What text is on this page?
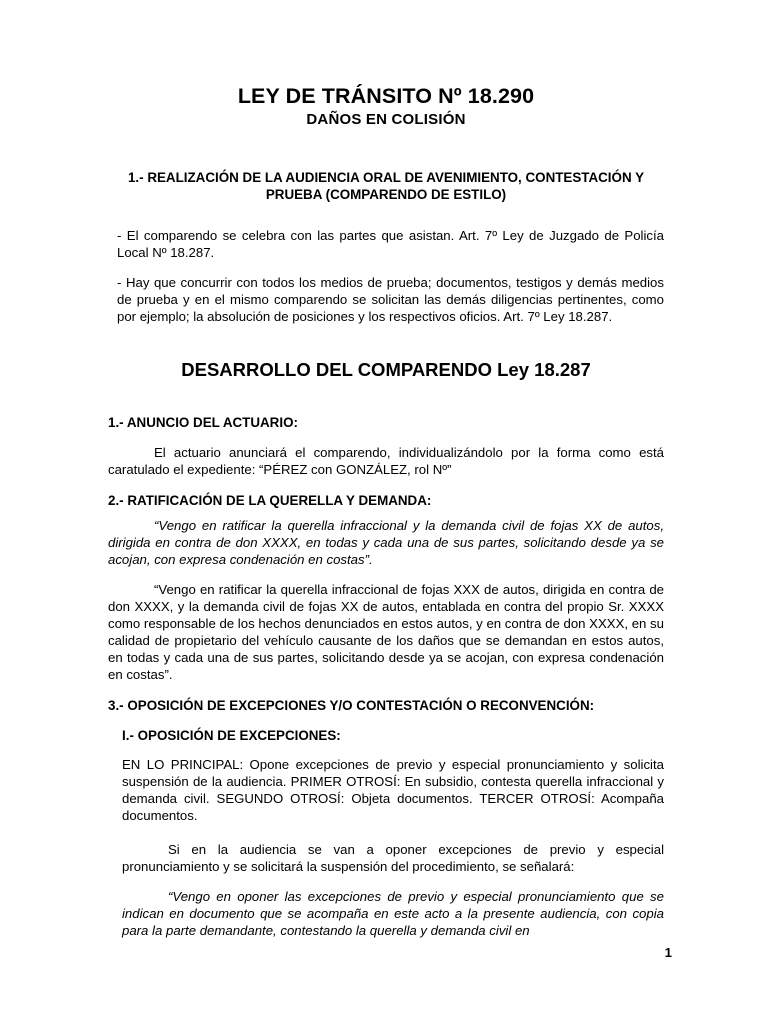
LEY DE TRÁNSITO Nº 18.290
DAÑOS EN COLISIÓN

1.- REALIZACIÓN DE LA AUDIENCIA ORAL DE AVENIMIENTO, CONTESTACIÓN Y PRUEBA (COMPARENDO DE ESTILO)

- El comparendo se celebra con las partes que asistan. Art. 7º Ley de Juzgado de Policía Local Nº 18.287.

- Hay que concurrir con todos los medios de prueba; documentos, testigos y demás medios de prueba y en el mismo comparendo se solicitan las demás diligencias pertinentes, como por ejemplo; la absolución de posiciones y los respectivos oficios. Art. 7º Ley 18.287.

DESARROLLO DEL COMPARENDO Ley 18.287

1.- ANUNCIO DEL ACTUARIO:

El actuario anunciará el comparendo, individualizándolo por la forma como está caratulado el expediente: “PÉREZ con GONZÁLEZ, rol Nº”

2.- RATIFICACIÓN DE LA QUERELLA Y DEMANDA:

“Vengo en ratificar la querella infraccional y la demanda civil de fojas XX de autos, dirigida en contra de don XXXX, en todas y cada una de sus partes, solicitando desde ya se acojan, con expresa condenación en costas”.

“Vengo en ratificar la querella infraccional de fojas XXX de autos, dirigida en contra de don XXXX, y la demanda civil de fojas XX de autos, entablada en contra del propio Sr. XXXX como responsable de los hechos denunciados en estos autos, y en contra de don XXXX, en su calidad de propietario del vehículo causante de los daños que se demandan en estos autos, en todas y cada una de sus partes, solicitando desde ya se acojan, con expresa condenación en costas”.

3.- OPOSICIÓN DE EXCEPCIONES Y/O CONTESTACIÓN O RECONVENCIÓN:

I.- OPOSICIÓN DE EXCEPCIONES:

EN LO PRINCIPAL: Opone excepciones de previo y especial pronunciamiento y solicita suspensión de la audiencia. PRIMER OTROSÍ: En subsidio, contesta querella infraccional y demanda civil. SEGUNDO OTROSÍ: Objeta documentos. TERCER OTROSÍ: Acompaña documentos.

Si en la audiencia se van a oponer excepciones de previo y especial pronunciamiento y se solicitará la suspensión del procedimiento, se señalará:

“Vengo en oponer las excepciones de previo y especial pronunciamiento que se indican en documento que se acompaña en este acto a la presente audiencia, con copia para la parte demandante, contestando la querella y demanda civil en

1
